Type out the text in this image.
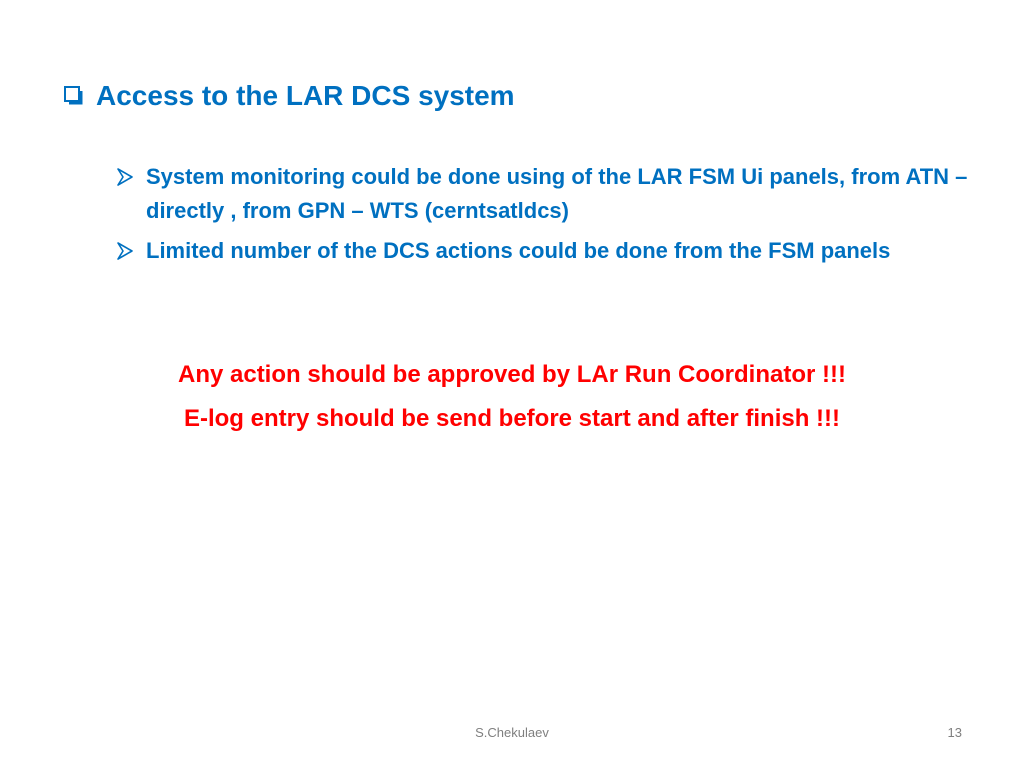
Access to the LAR DCS system
System monitoring could be done using of the LAR FSM Ui panels, from ATN – directly , from GPN – WTS (cerntsatldcs)
Limited number of the DCS actions could be done from the FSM panels
Any action should be approved by LAr Run Coordinator !!!
E-log entry should be send before start and after finish !!!
S.Chekulaev	13
